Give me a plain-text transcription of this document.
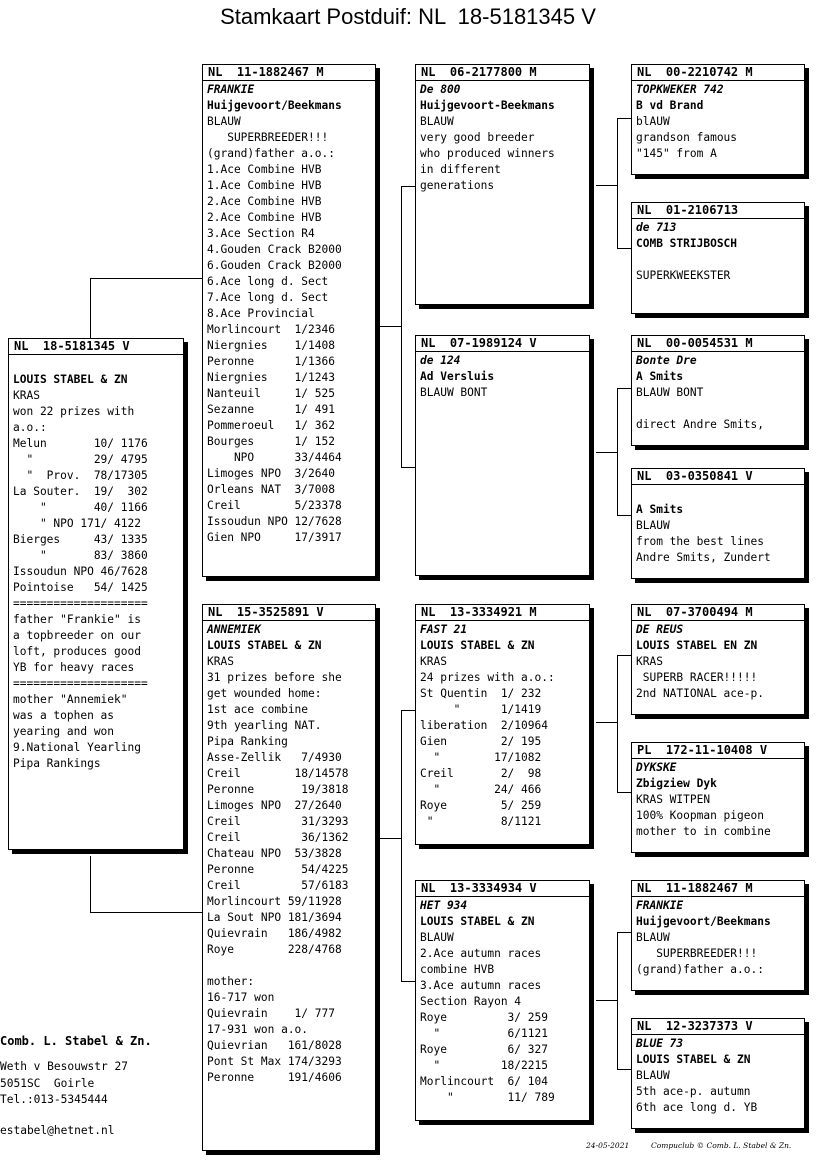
Stamkaart Postduif: NL  18-5181345 V
NL  18-5181345 V
LOUIS STABEL & ZN
KRAS
won 22 prizes with
a.o.:
Melun       10/ 1176
"         29/ 4795
"  Prov.  78/17305
La Souter.  19/  302
"       40/ 1166
" NPO 171/ 4122
Bierges     43/ 1335
"       83/ 3860
Issoudun NPO 46/7628
Pointoise   54/ 1425
====================
father "Frankie" is
a topbreeder on our
loft, produces good
YB for heavy races
====================
mother "Annemiek"
was a tophen as
yearing and won
9.National Yearling
Pipa Rankings
NL  11-1882467 M
FRANKIE
Huijgevoort/Beekmans
BLAUW
SUPERBREEDER!!!
(grand)father a.o.:
1.Ace Combine HVB
1.Ace Combine HVB
2.Ace Combine HVB
2.Ace Combine HVB
3.Ace Section R4
4.Gouden Crack B2000
6.Gouden Crack B2000
6.Ace long d. Sect
7.Ace long d. Sect
8.Ace Provincial
Morlincourt  1/2346
Niergnies    1/1408
Peronne      1/1366
Niergnies    1/1243
Nanteuil     1/ 525
Sezanne      1/ 491
Pommeroeul   1/ 362
Bourges      1/ 152
NPO      33/4464
Limoges NPO  3/2640
Orleans NAT  3/7008
Creil        5/23378
Issoudun NPO 12/7628
Gien NPO     17/3917
NL  15-3525891 V
ANNEMIEK
LOUIS STABEL & ZN
KRAS
31 prizes before she
get wounded home:
1st ace combine
9th yearling NAT.
Pipa Ranking
Asse-Zellik   7/4930
Creil        18/14578
Peronne       19/3818
Limoges NPO  27/2640
Creil         31/3293
Creil         36/1362
Chateau NPO  53/3828
Peronne       54/4225
Creil         57/6183
Morlincourt 59/11928
La Sout NPO 181/3694
Quievrain   186/4982
Roye        228/4768
mother:
16-717 won
Quievrain    1/ 777
17-931 won a.o.
Quievrian   161/8028
Pont St Max 174/3293
Peronne     191/4606
NL  06-2177800 M
De 800
Huijgevoort-Beekmans
BLAUW
very good breeder
who produced winners
in different
generations
NL  07-1989124 V
de 124
Ad Versluis
BLAUW BONT
NL  13-3334921 M
FAST 21
LOUIS STABEL & ZN
KRAS
24 prizes with a.o.:
St Quentin  1/ 232
"      1/1419
liberation  2/10964
Gien        2/ 195
"        17/1082
Creil       2/  98
"        24/ 466
Roye        5/ 259
"          8/1121
NL  13-3334934 V
HET 934
LOUIS STABEL & ZN
BLAUW
2.Ace autumn races
combine HVB
3.Ace autumn races
Section Rayon 4
Roye         3/ 259
"          6/1121
Roye         6/ 327
"         18/2215
Morlincourt  6/ 104
"        11/ 789
NL  00-2210742 M
TOPKWEKER 742
B vd Brand
blAUW
grandson famous
"145" from A
NL  01-2106713
de 713
COMB STRIJBOSCH
SUPERKWEEKSTER
NL  00-0054531 M
Bonte Dre
A Smits
BLAUW BONT
direct Andre Smits,
NL  03-0350841 V
A Smits
BLAUW
from the best lines
Andre Smits, Zundert
NL  07-3700494 M
DE REUS
LOUIS STABEL EN ZN
KRAS
SUPERB RACER!!!!!
2nd NATIONAL ace-p.
PL  172-11-10408 V
DYKSKE
Zbigziew Dyk
KRAS WITPEN
100% Koopman pigeon
mother to in combine
NL  11-1882467 M
FRANKIE
Huijgevoort/Beekmans
BLAUW
SUPERBREEDER!!!
(grand)father a.o.:
NL  12-3237373 V
BLUE 73
LOUIS STABEL & ZN
BLAUW
5th ace-p. autumn
6th ace long d. YB
Comb. L. Stabel & Zn.
Weth v Besouwstr 27
5051SC  Goirle
Tel.:013-5345444
estabel@hetnet.nl
24-05-2021	Compuclub © Comb. L. Stabel & Zn.
